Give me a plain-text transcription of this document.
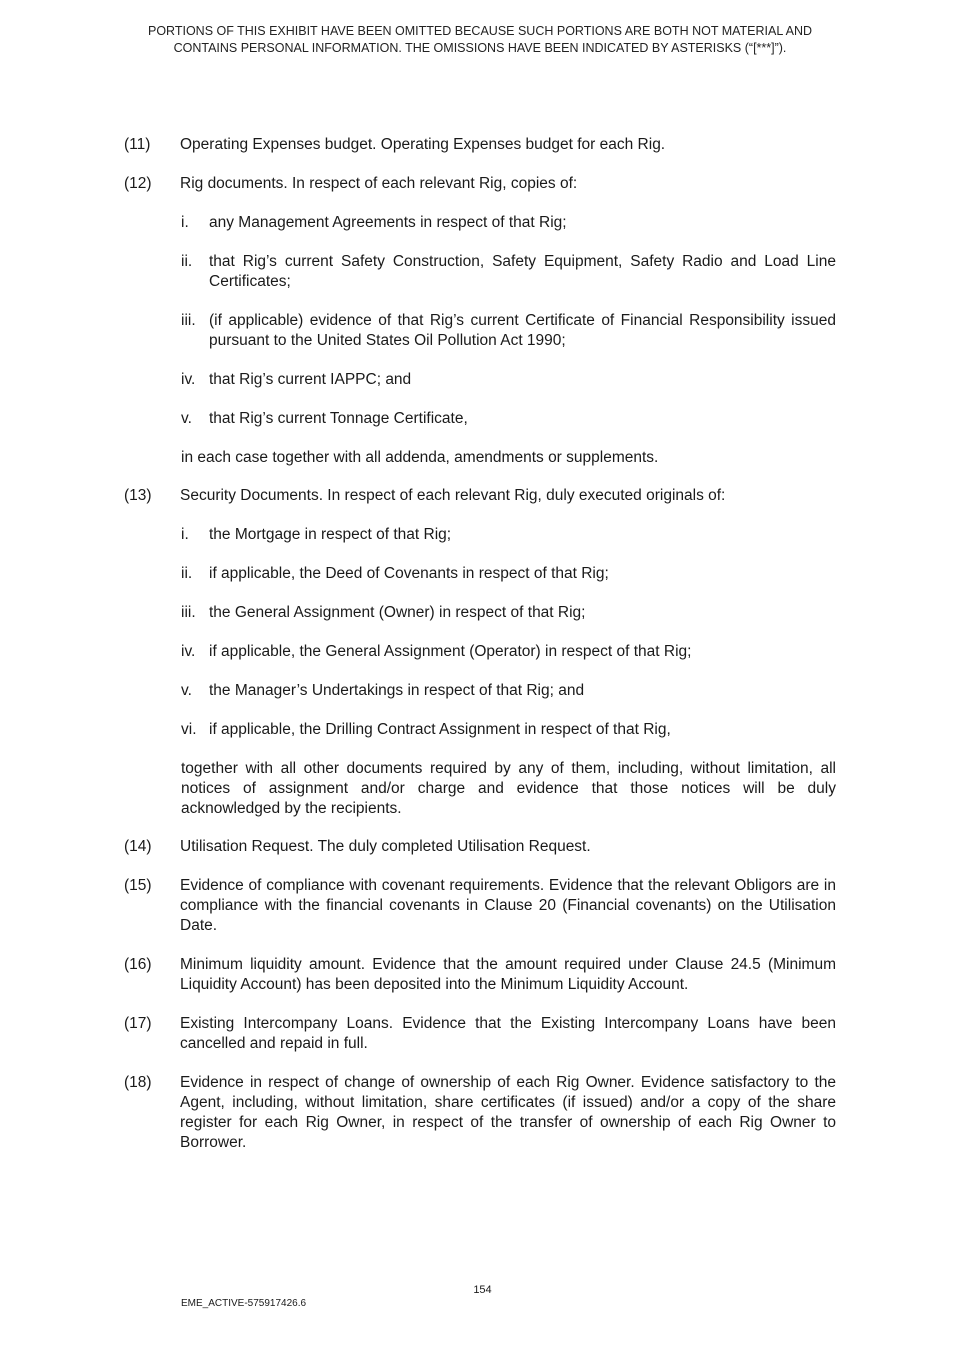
PORTIONS OF THIS EXHIBIT HAVE BEEN OMITTED BECAUSE SUCH PORTIONS ARE BOTH NOT MATERIAL AND
CONTAINS PERSONAL INFORMATION. THE OMISSIONS HAVE BEEN INDICATED BY ASTERISKS (“[***]”).
(11) Operating Expenses budget. Operating Expenses budget for each Rig.
(12) Rig documents. In respect of each relevant Rig, copies of:
i. any Management Agreements in respect of that Rig;
ii. that Rig’s current Safety Construction, Safety Equipment, Safety Radio and Load Line Certificates;
iii. (if applicable) evidence of that Rig’s current Certificate of Financial Responsibility issued pursuant to the United States Oil Pollution Act 1990;
iv. that Rig’s current IAPPC; and
v. that Rig’s current Tonnage Certificate,
in each case together with all addenda, amendments or supplements.
(13) Security Documents. In respect of each relevant Rig, duly executed originals of:
i. the Mortgage in respect of that Rig;
ii. if applicable, the Deed of Covenants in respect of that Rig;
iii. the General Assignment (Owner) in respect of that Rig;
iv. if applicable, the General Assignment (Operator) in respect of that Rig;
v. the Manager’s Undertakings in respect of that Rig; and
vi. if applicable, the Drilling Contract Assignment in respect of that Rig,
together with all other documents required by any of them, including, without limitation, all notices of assignment and/or charge and evidence that those notices will be duly acknowledged by the recipients.
(14) Utilisation Request. The duly completed Utilisation Request.
(15) Evidence of compliance with covenant requirements. Evidence that the relevant Obligors are in compliance with the financial covenants in Clause 20 (Financial covenants) on the Utilisation Date.
(16) Minimum liquidity amount. Evidence that the amount required under Clause 24.5 (Minimum Liquidity Account) has been deposited into the Minimum Liquidity Account.
(17) Existing Intercompany Loans. Evidence that the Existing Intercompany Loans have been cancelled and repaid in full.
(18) Evidence in respect of change of ownership of each Rig Owner. Evidence satisfactory to the Agent, including, without limitation, share certificates (if issued) and/or a copy of the share register for each Rig Owner, in respect of the transfer of ownership of each Rig Owner to Borrower.
154
EME_ACTIVE-575917426.6
